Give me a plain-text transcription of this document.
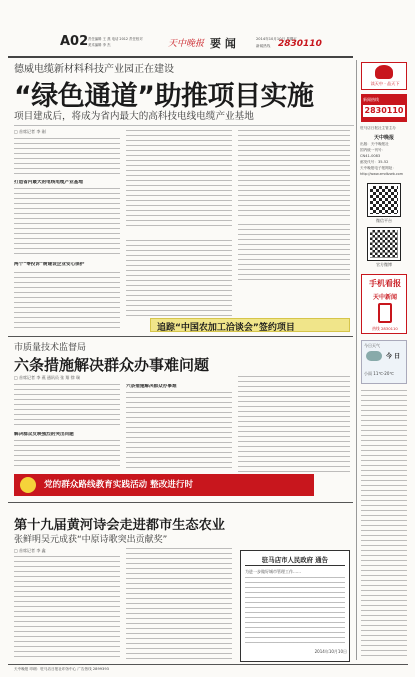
A02 责任编辑 王 燕 电话 2012 责任校对
美术编辑 李 杰	天中晚报 要 闻	2014年10月10日 星期五
新闻热线 2830110
德威电缆新材料科技产业园正在建设
“绿色通道”助推项目实施
项目建成后，将成为省内最大的高科技电线电缆产业基地
□ 首席记者 李 刚
打造省内最大的电线电缆产业基地
两个“零投诉”树建设企业安心保护
追踪“中国农加工洽谈会”签约项目
市质量技术监督局
六条措施解决群众办事难问题
□ 首席记者 李 燕 通讯员 张 翔 徐 瑞
解决群众反映强烈的突出问题
六条措施解决群众办事难
党的群众路线教育实践活动 整改进行时
第十九届黄河诗会走进都市生态农业
张鲜明吴元成获“中原诗歌突出贡献奖”
□ 首席记者 李 鑫
驻马店市人民政府 通告
为进一步做好城市管理工作……
2014年10月10日
读天中 · 品天下
新闻热线
2830110
驻马店日报社主管主办
天中晚报
出版：天中晚报社
国内统一刊号：
CN41-0083
邮发代号：35-52
天中晚报电子报网址：
http://www.zmdtzwb.com
微信平台
官方微博
手机看报
天中新闻
热线 2830110
今日天气
今 日
小雨 11℃-20℃
天中晚报 印刷：驻马店日报社印务中心 广告热线 2899393
